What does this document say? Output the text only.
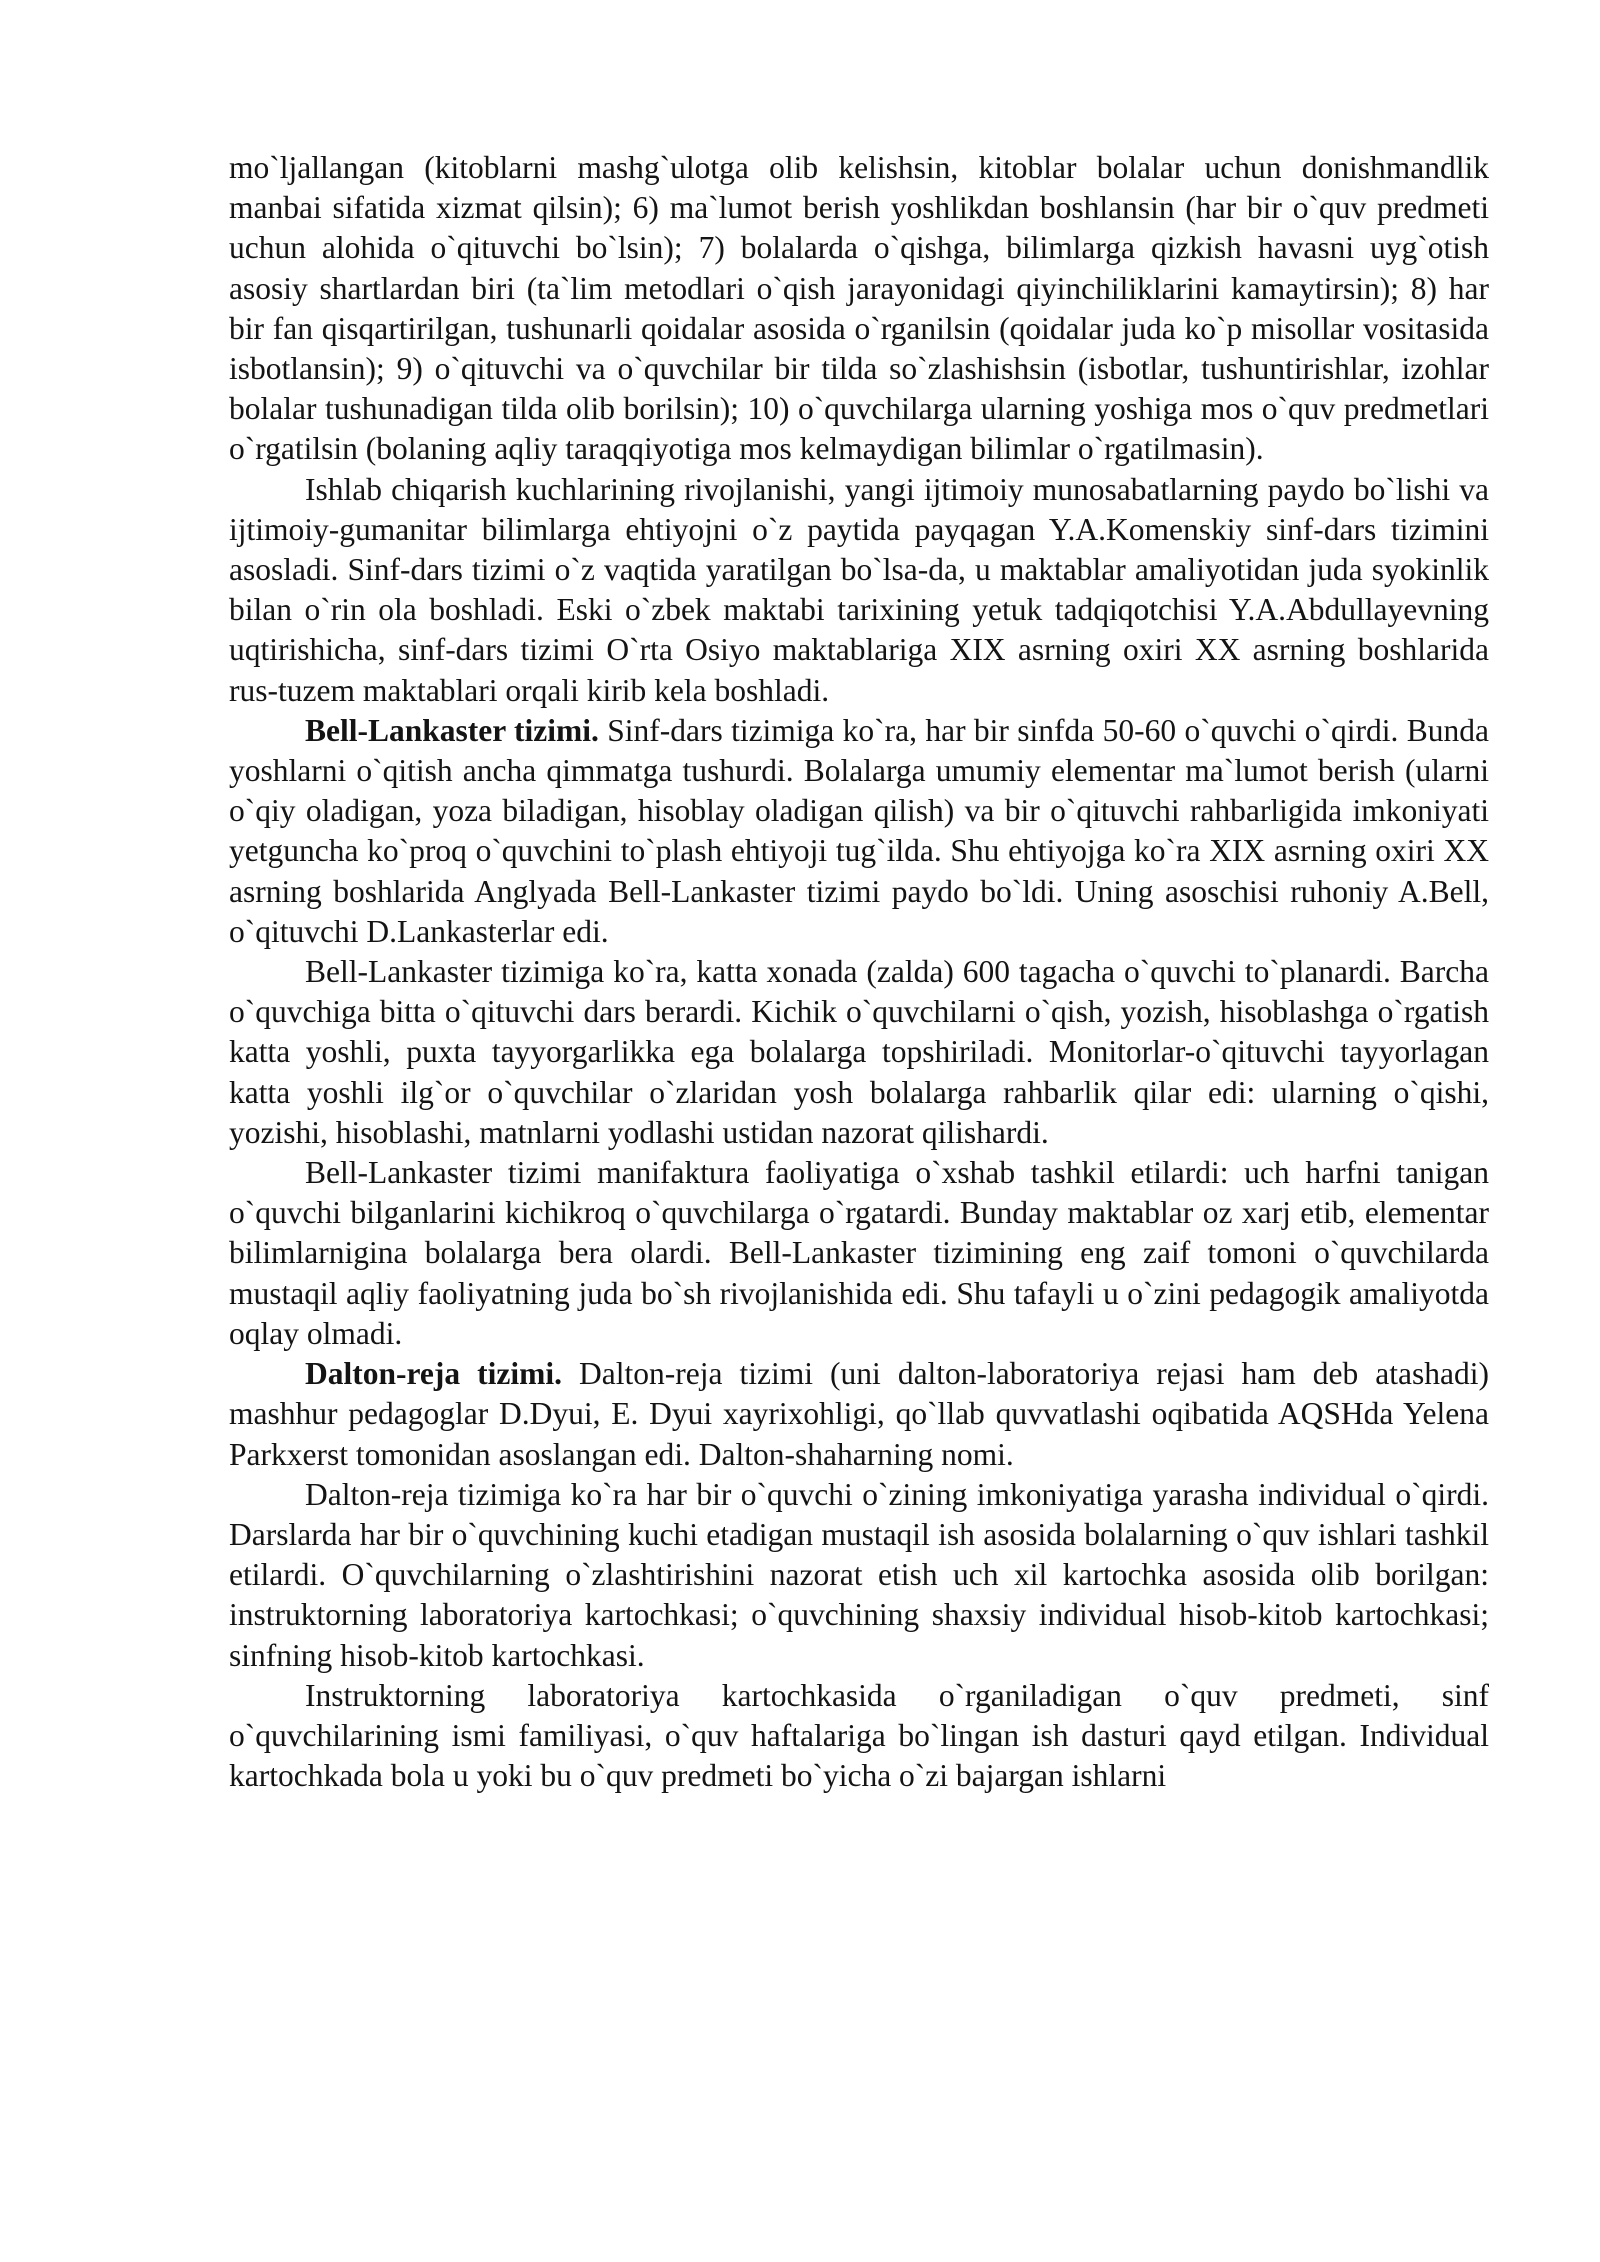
mo`ljallangan (kitoblarni mashg`ulotga olib kelishsin, kitoblar bolalar uchun donishmandlik manbai sifatida xizmat qilsin); 6) ma`lumot berish yoshlikdan boshlansin (har bir o`quv predmeti uchun alohida o`qituvchi bo`lsin); 7) bolalarda o`qishga, bilimlarga qizkish havasni uyg`otish asosiy shartlardan biri (ta`lim metodlari o`qish jarayonidagi qiyinchiliklarini kamaytirsin); 8) har bir fan qisqartirilgan, tushunarli qoidalar asosida o`rganilsin (qoidalar juda ko`p misollar vositasida isbotlansin); 9) o`qituvchi va o`quvchilar bir tilda so`zlashishsin (isbotlar, tushuntirishlar, izohlar bolalar tushunadigan tilda olib borilsin); 10) o`quvchilarga ularning yoshiga mos o`quv predmetlari o`rgatilsin (bolaning aqliy taraqqiyotiga mos kelmaydigan bilimlar o`rgatilmasin).

Ishlab chiqarish kuchlarining rivojlanishi, yangi ijtimoiy munosabatlarning paydo bo`lishi va ijtimoiy-gumanitar bilimlarga ehtiyojni o`z paytida payqagan Y.A.Komenskiy sinf-dars tizimini asosladi. Sinf-dars tizimi o`z vaqtida yaratilgan bo`lsa-da, u maktablar amaliyotidan juda syokinlik bilan o`rin ola boshladi. Eski o`zbek maktabi tarixining yetuk tadqiqotchisi Y.A.Abdullayevning uqtirishicha, sinf-dars tizimi O`rta Osiyo maktablariga XIX asrning oxiri XX asrning boshlarida rus-tuzem maktablari orqali kirib kela boshladi.

Bell-Lankaster tizimi. Sinf-dars tizimiga ko`ra, har bir sinfda 50-60 o`quvchi o`qirdi. Bunda yoshlarni o`qitish ancha qimmatga tushurdi. Bolalarga umumiy elementar ma`lumot berish (ularni o`qiy oladigan, yoza biladigan, hisoblay oladigan qilish) va bir o`qituvchi rahbarligida imkoniyati yetguncha ko`proq o`quvchini to`plash ehtiyoji tug`ilda. Shu ehtiyojga ko`ra XIX asrning oxiri XX asrning boshlarida Anglyada Bell-Lankaster tizimi paydo bo`ldi. Uning asoschisi ruhoniy A.Bell, o`qituvchi D.Lankasterlar edi.

Bell-Lankaster tizimiga ko`ra, katta xonada (zalda) 600 tagacha o`quvchi to`planardi. Barcha o`quvchiga bitta o`qituvchi dars berardi. Kichik o`quvchilarni o`qish, yozish, hisoblashga o`rgatish katta yoshli, puxta tayyorgarlikka ega bolalarga topshiriladi. Monitorlar-o`qituvchi tayyorlagan katta yoshli ilg`or o`quvchilar o`zlaridan yosh bolalarga rahbarlik qilar edi: ularning o`qishi, yozishi, hisoblashi, matnlarni yodlashi ustidan nazorat qilishardi.

Bell-Lankaster tizimi manifaktura faoliyatiga o`xshab tashkil etilardi: uch harfni tanigan o`quvchi bilganlarini kichikroq o`quvchilarga o`rgatardi. Bunday maktablar oz xarj etib, elementar bilimlarnigina bolalarga bera olardi. Bell-Lankaster tizimining eng zaif tomoni o`quvchilarda mustaqil aqliy faoliyatning juda bo`sh rivojlanishida edi. Shu tafayli u o`zini pedagogik amaliyotda oqlay olmadi.

Dalton-reja tizimi. Dalton-reja tizimi (uni dalton-laboratoriya rejasi ham deb atashadi) mashhur pedagoglar D.Dyui, E. Dyui xayrixohligi, qo`llab quvvatlashi oqibatida AQSHda Yelena Parkxerst tomonidan asoslangan edi. Dalton-shaharning nomi.

Dalton-reja tizimiga ko`ra har bir o`quvchi o`zining imkoniyatiga yarasha individual o`qirdi. Darslarda har bir o`quvchining kuchi etadigan mustaqil ish asosida bolalarning o`quv ishlari tashkil etilardi. O`quvchilarning o`zlashtirishini nazorat etish uch xil kartochka asosida olib borilgan: instruktorning laboratoriya kartochkasi; o`quvchining shaxsiy individual hisob-kitob kartochkasi; sinfning hisob-kitob kartochkasi.

Instruktorning laboratoriya kartochkasida o`rganiladigan o`quv predmeti, sinf o`quvchilarining ismi familiyasi, o`quv haftalariga bo`lingan ish dasturi qayd etilgan. Individual kartochkada bola u yoki bu o`quv predmeti bo`yicha o`zi bajargan ishlarni
